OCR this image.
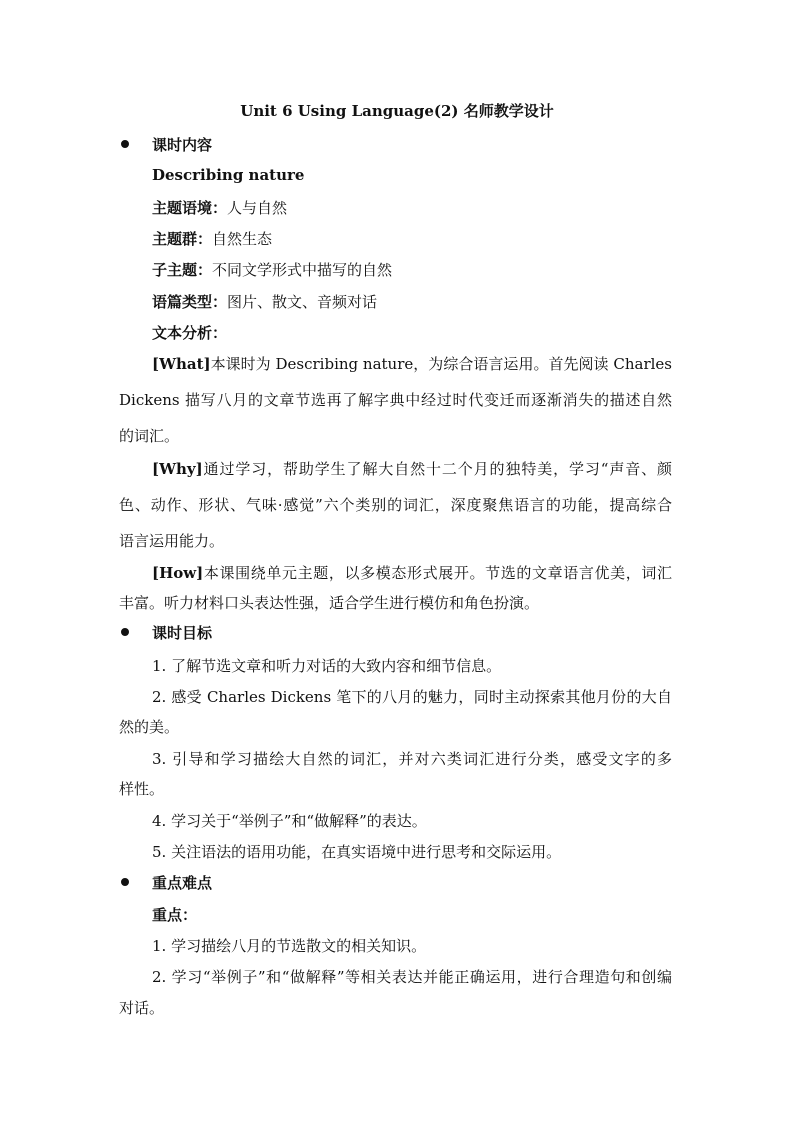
Unit 6 Using Language(2) 名师教学设计
课时内容
Describing nature
主题语境：人与自然
主题群：自然生态
子主题：不同文学形式中描写的自然
语篇类型：图片、散文、音频对话
文本分析：
[What]本课时为 Describing nature，为综合语言运用。首先阅读 Charles
Dickens 描写八月的文章节选再了解字典中经过时代变迁而逐渐消失的描述自然
的词汇。
[Why]通过学习，帮助学生了解大自然十二个月的独特美，学习“声音、颜
色、动作、形状、气味·感觉”六个类别的词汇，深度聚焦语言的功能，提高综合
语言运用能力。
[How]本课围绕单元主题，以多模态形式展开。节选的文章语言优美，词汇
丰富。听力材料口头表达性强，适合学生进行模仿和角色扮演。
课时目标
1. 了解节选文章和听力对话的大致内容和细节信息。
2. 感受 Charles Dickens 笔下的八月的魅力，同时主动探索其他月份的大自
然的美。
3. 引导和学习描绘大自然的词汇，并对六类词汇进行分类，感受文字的多
样性。
4. 学习关于“举例子”和“做解释”的表达。
5. 关注语法的语用功能，在真实语境中进行思考和交际运用。
重点难点
重点：
1. 学习描绘八月的节选散文的相关知识。
2. 学习“举例子”和“做解释”等相关表达并能正确运用，进行合理造句和创编
对话。
